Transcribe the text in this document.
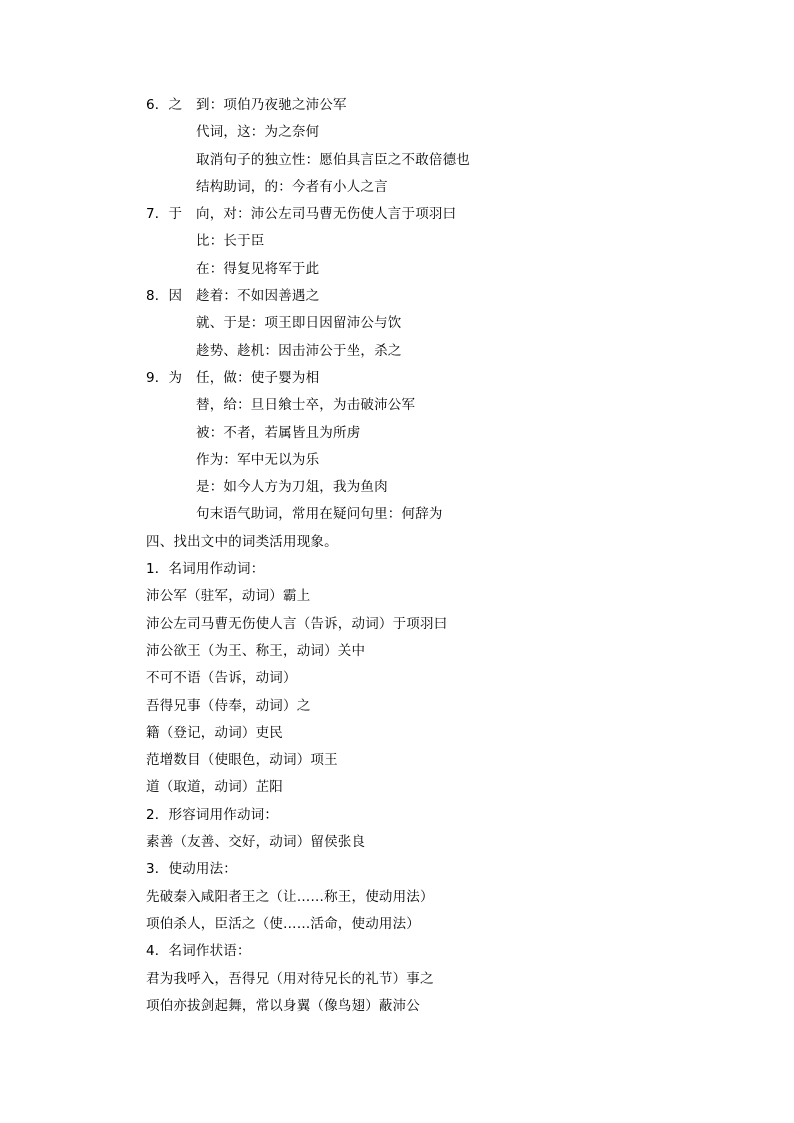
6．之	到：项伯乃夜驰之沛公军
代词，这：为之奈何
取消句子的独立性：愿伯具言臣之不敢倍德也
结构助词，的：今者有小人之言
7．于	向，对：沛公左司马曹无伤使人言于项羽曰
比：长于臣
在：得复见将军于此
8．因	趁着：不如因善遇之
就、于是：项王即日因留沛公与饮
趁势、趁机：因击沛公于坐，杀之
9．为	任，做：使子婴为相
替，给：旦日飨士卒，为击破沛公军
被：不者，若属皆且为所虏
作为：军中无以为乐
是：如今人方为刀俎，我为鱼肉
句末语气助词，常用在疑问句里：何辞为
四、找出文中的词类活用现象。
1．名词用作动词：
沛公军（驻军，动词）霸上
沛公左司马曹无伤使人言（告诉，动词）于项羽曰
沛公欲王（为王、称王，动词）关中
不可不语（告诉，动词）
吾得兄事（侍奉，动词）之
籍（登记，动词）吏民
范增数目（使眼色，动词）项王
道（取道，动词）芷阳
2．形容词用作动词：
素善（友善、交好，动词）留侯张良
3．使动用法：
先破秦入咸阳者王之（让……称王，使动用法）
项伯杀人，臣活之（使……活命，使动用法）
4．名词作状语：
君为我呼入，吾得兄（用对待兄长的礼节）事之
项伯亦拔剑起舞，常以身翼（像鸟翅）蔽沛公
